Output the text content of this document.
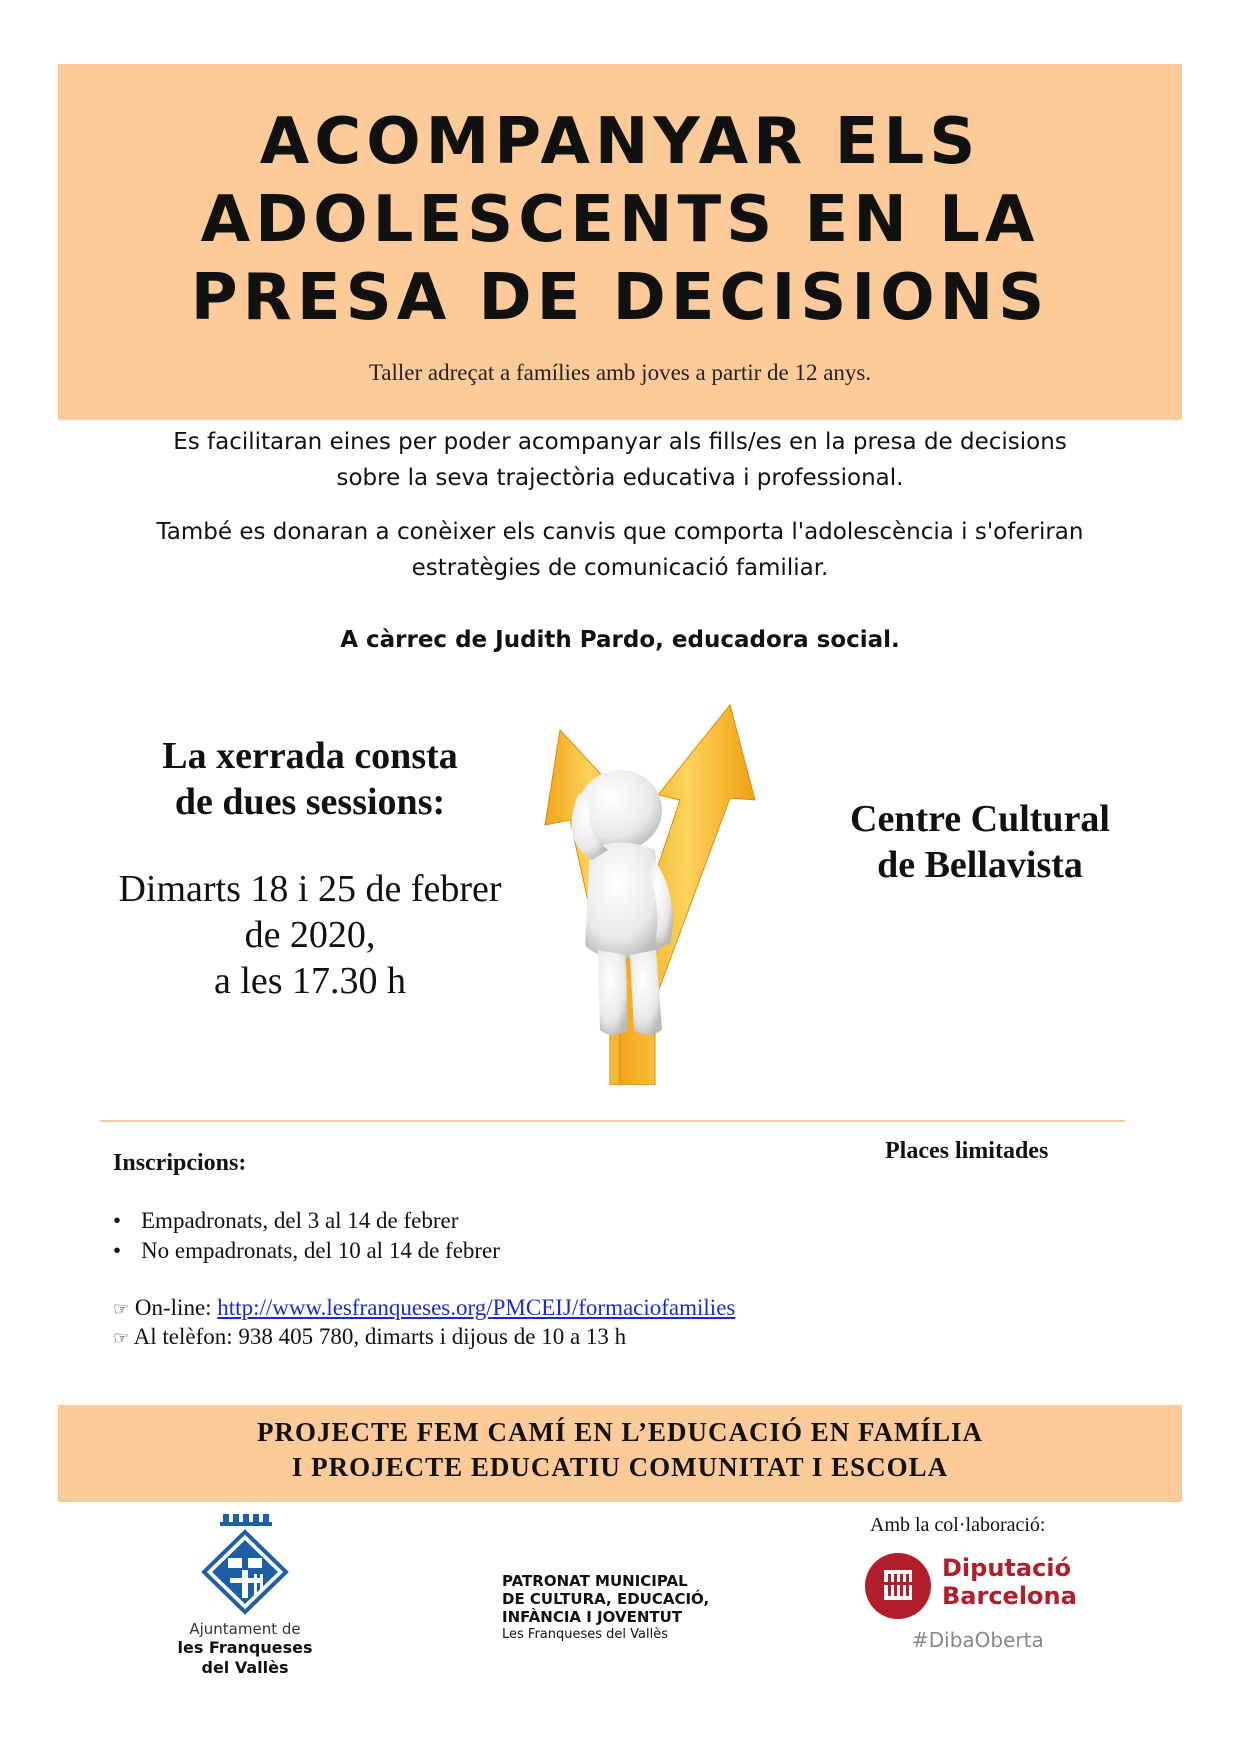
ACOMPANYAR ELS
ADOLESCENTS EN LA
PRESA DE DECISIONS
Taller adreçat a famílies amb joves a partir de 12 anys.
Es facilitaran eines per poder acompanyar als fills/es en la presa de decisions
sobre la seva trajectòria educativa i professional.
També es donaran a conèixer els canvis que comporta l'adolescència i s'oferiran
estratègies de comunicació familiar.
A càrrec de Judith Pardo, educadora social.
La xerrada consta
de dues sessions:
Dimarts 18 i 25 de febrer
de 2020,
a les 17.30 h
Centre Cultural
de Bellavista
Inscripcions:	Places limitades
• Empadronats, del 3 al 14 de febrer
• No empadronats, del 10 al 14 de febrer
☞ On-line: http://www.lesfranqueses.org/PMCEIJ/formaciofamilies
☞ Al telèfon: 938 405 780, dimarts i dijous de 10 a 13 h
PROJECTE FEM CAMÍ EN L’EDUCACIÓ EN FAMÍLIA
I PROJECTE EDUCATIU COMUNITAT I ESCOLA
Amb la col·laboració:
Ajuntament de
les Franqueses
del Vallès
PATRONAT MUNICIPAL
DE CULTURA, EDUCACIÓ,
INFÀNCIA I JOVENTUT
Les Franqueses del Vallès
Diputació
Barcelona
#DibaOberta
